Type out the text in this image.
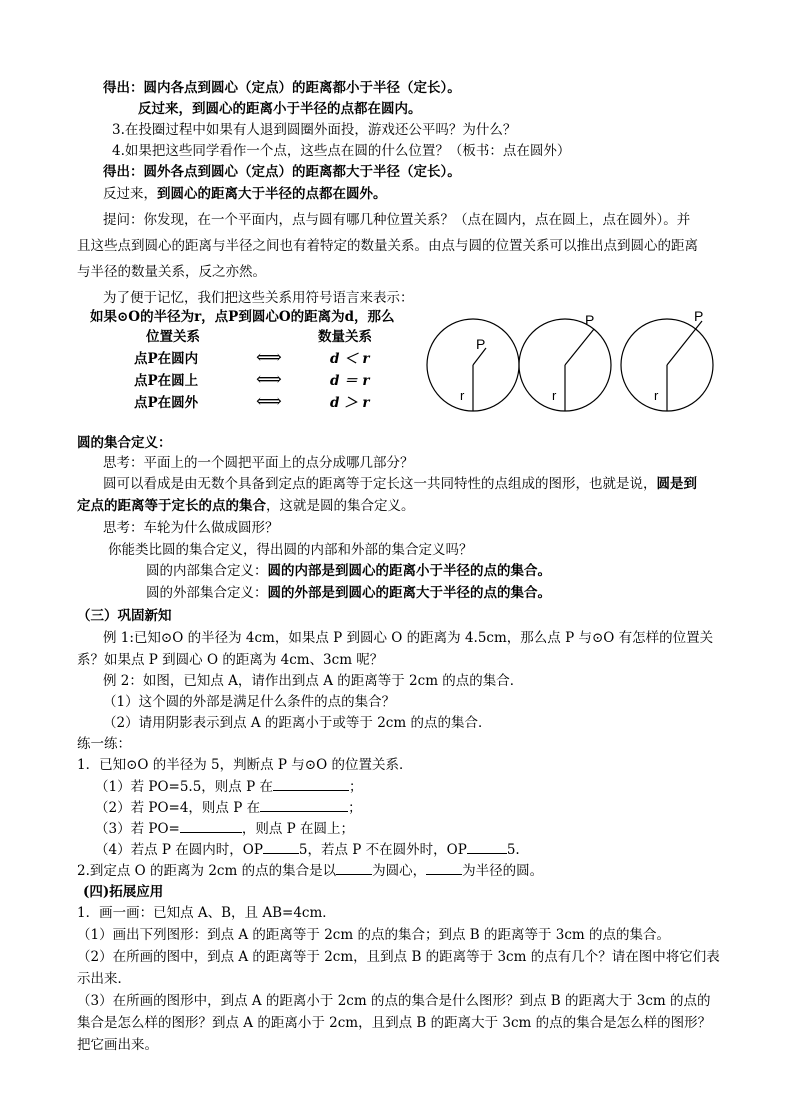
得出：圆内各点到圆心（定点）的距离都小于半径（定长）。
反过来，到圆心的距离小于半径的点都在圆内。
3.在投圈过程中如果有人退到圆圈外面投，游戏还公平吗？为什么？
4.如果把这些同学看作一个点，这些点在圆的什么位置？（板书：点在圆外）
得出：圆外各点到圆心（定点）的距离都大于半径（定长）。
反过来，到圆心的距离大于半径的点都在圆外。
提问：你发现，在一个平面内，点与圆有哪几种位置关系？（点在圆内，点在圆上，点在圆外）。并
且这些点到圆心的距离与半径之间也有着特定的数量关系。由点与圆的位置关系可以推出点到圆心的距离
与半径的数量关系，反之亦然。
为了便于记忆，我们把这些关系用符号语言来表示：
如果⊙O的半径为r，点P到圆心O的距离为d，那么
位置关系	数量关系
点P在圆内	⟺	d ＜ r
点P在圆上	⟺	d ＝ r
点P在圆外	⟺	d ＞ r
P
r
P
r
P
r
圆的集合定义：
思考：平面上的一个圆把平面上的点分成哪几部分？
圆可以看成是由无数个具备到定点的距离等于定长这一共同特性的点组成的图形，也就是说，圆是到
定点的距离等于定长的点的集合，这就是圆的集合定义。
思考：车轮为什么做成圆形？
你能类比圆的集合定义，得出圆的内部和外部的集合定义吗？
圆的内部集合定义：圆的内部是到圆心的距离小于半径的点的集合。
圆的外部集合定义：圆的外部是到圆心的距离大于半径的点的集合。
（三）巩固新知
例 1:已知⊙O 的半径为 4cm，如果点 P 到圆心 O 的距离为 4.5cm，那么点 P 与⊙O 有怎样的位置关
系？如果点 P 到圆心 O 的距离为 4cm、3cm 呢？
例 2：如图，已知点 A，请作出到点 A 的距离等于 2cm 的点的集合．
（1）这个圆的外部是满足什么条件的点的集合？
（2）请用阴影表示到点 A 的距离小于或等于 2cm 的点的集合．
练一练：
1．已知⊙O 的半径为 5，判断点 P 与⊙O 的位置关系．
（1）若 PO=5.5，则点 P 在	；
（2）若 PO=4，则点 P 在	；
（3）若 PO=	，则点 P 在圆上；
（4）若点 P 在圆内时，OP	5，若点 P 不在圆外时，OP	5.
2.到定点 O 的距离为 2cm 的点的集合是以	为圆心，	为半径的圆。
(四)拓展应用
1．画一画：已知点 A、B，且 AB=4cm．
（1）画出下列图形：到点 A 的距离等于 2cm 的点的集合；到点 B 的距离等于 3cm 的点的集合。
（2）在所画的图中，到点 A 的距离等于 2cm，且到点 B 的距离等于 3cm 的点有几个？请在图中将它们表
示出来．
（3）在所画的图形中，到点 A 的距离小于 2cm 的点的集合是什么图形？到点 B 的距离大于 3cm 的点的
集合是怎么样的图形？到点 A 的距离小于 2cm，且到点 B 的距离大于 3cm 的点的集合是怎么样的图形？
把它画出来。
